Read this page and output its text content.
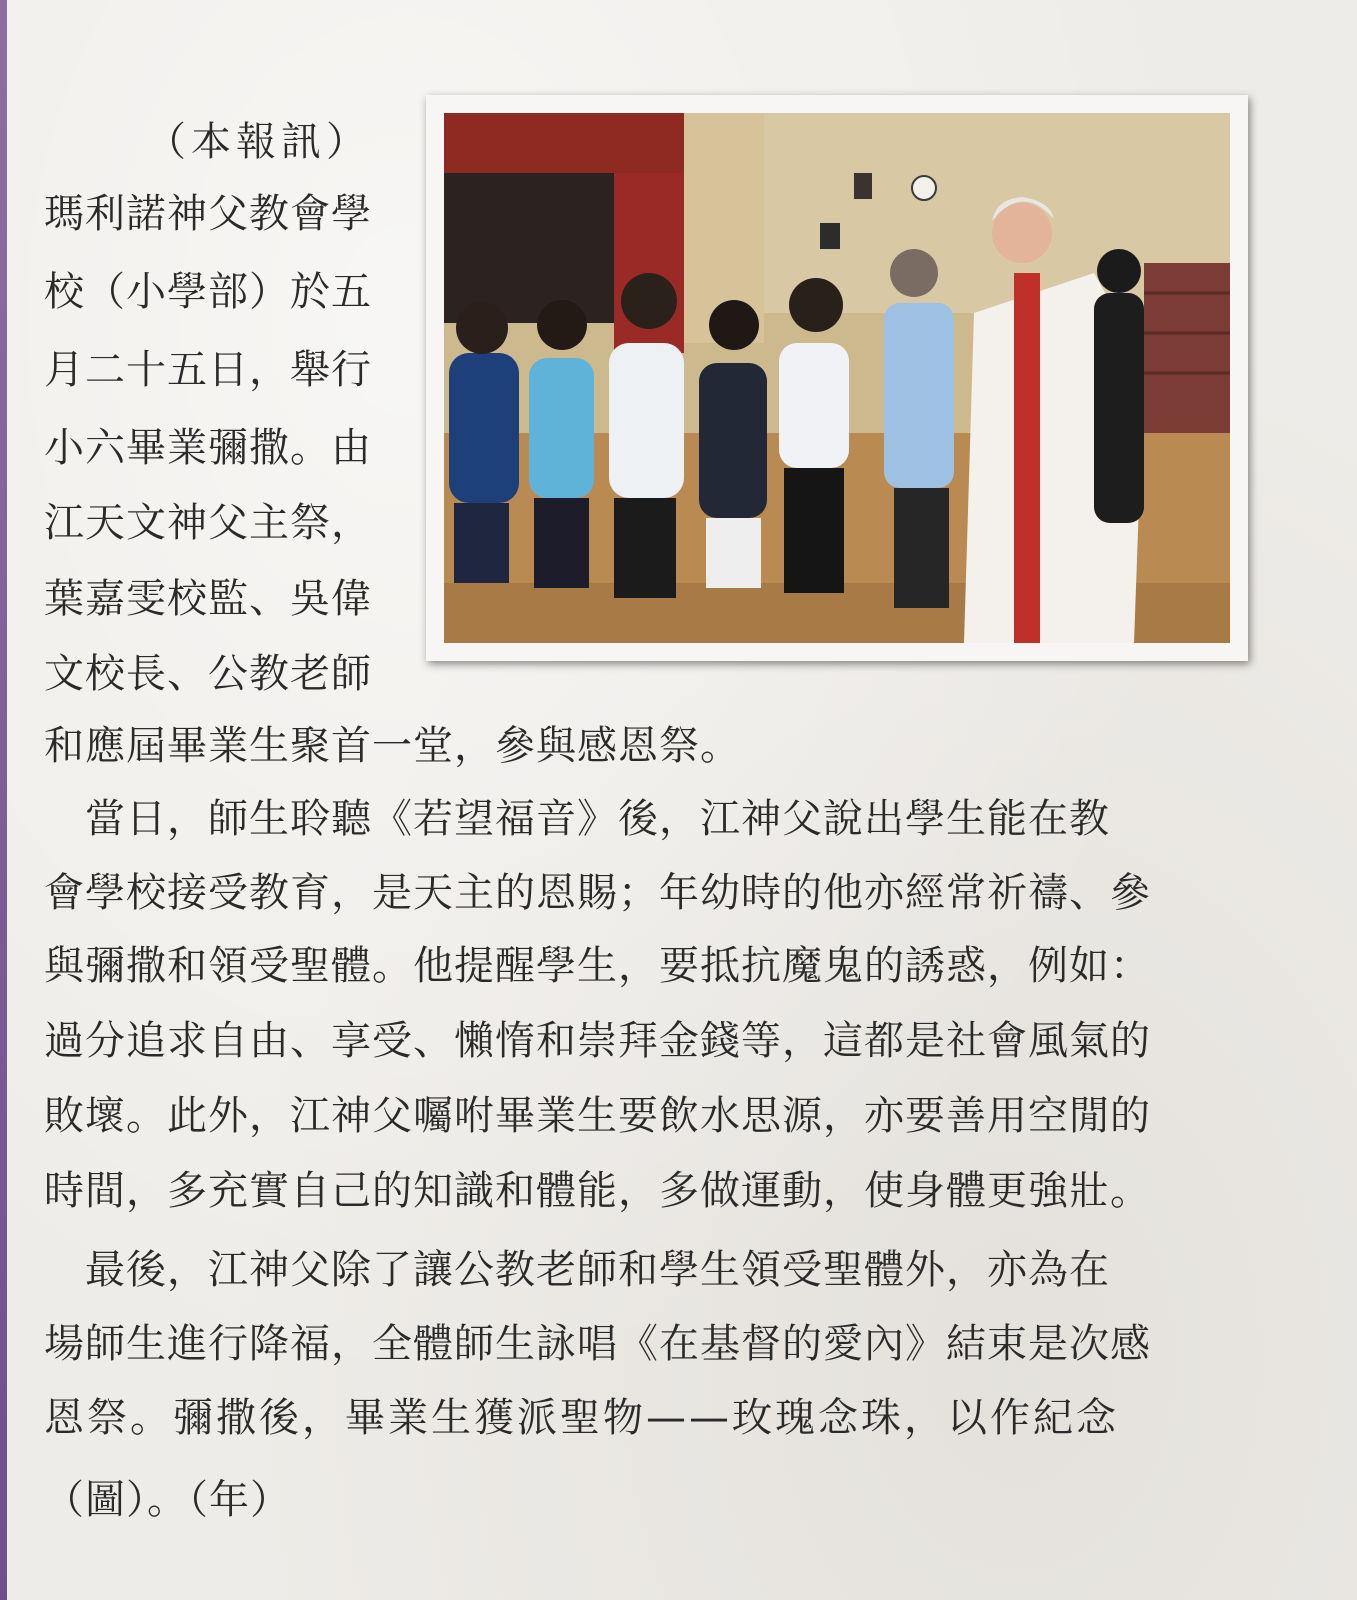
（本報訊）

瑪利諾神父教會學

校（小學部）於五

月二十五日，舉行

小六畢業彌撒。由

江天文神父主祭，

葉嘉雯校監、吳偉

文校長、公教老師

和應屆畢業生聚首一堂，參與感恩祭。

　當日，師生聆聽《若望福音》後，江神父說出學生能在教

會學校接受教育，是天主的恩賜；年幼時的他亦經常祈禱、參

與彌撒和領受聖體。他提醒學生，要抵抗魔鬼的誘惑，例如：

過分追求自由、享受、懶惰和崇拜金錢等，這都是社會風氣的

敗壞。此外，江神父囑咐畢業生要飲水思源，亦要善用空閒的

時間，多充實自己的知識和體能，多做運動，使身體更強壯。

　最後，江神父除了讓公教老師和學生領受聖體外，亦為在

場師生進行降福，全體師生詠唱《在基督的愛內》結束是次感

恩祭。彌撒後，畢業生獲派聖物——玫瑰念珠，以作紀念

（圖）。（年）
